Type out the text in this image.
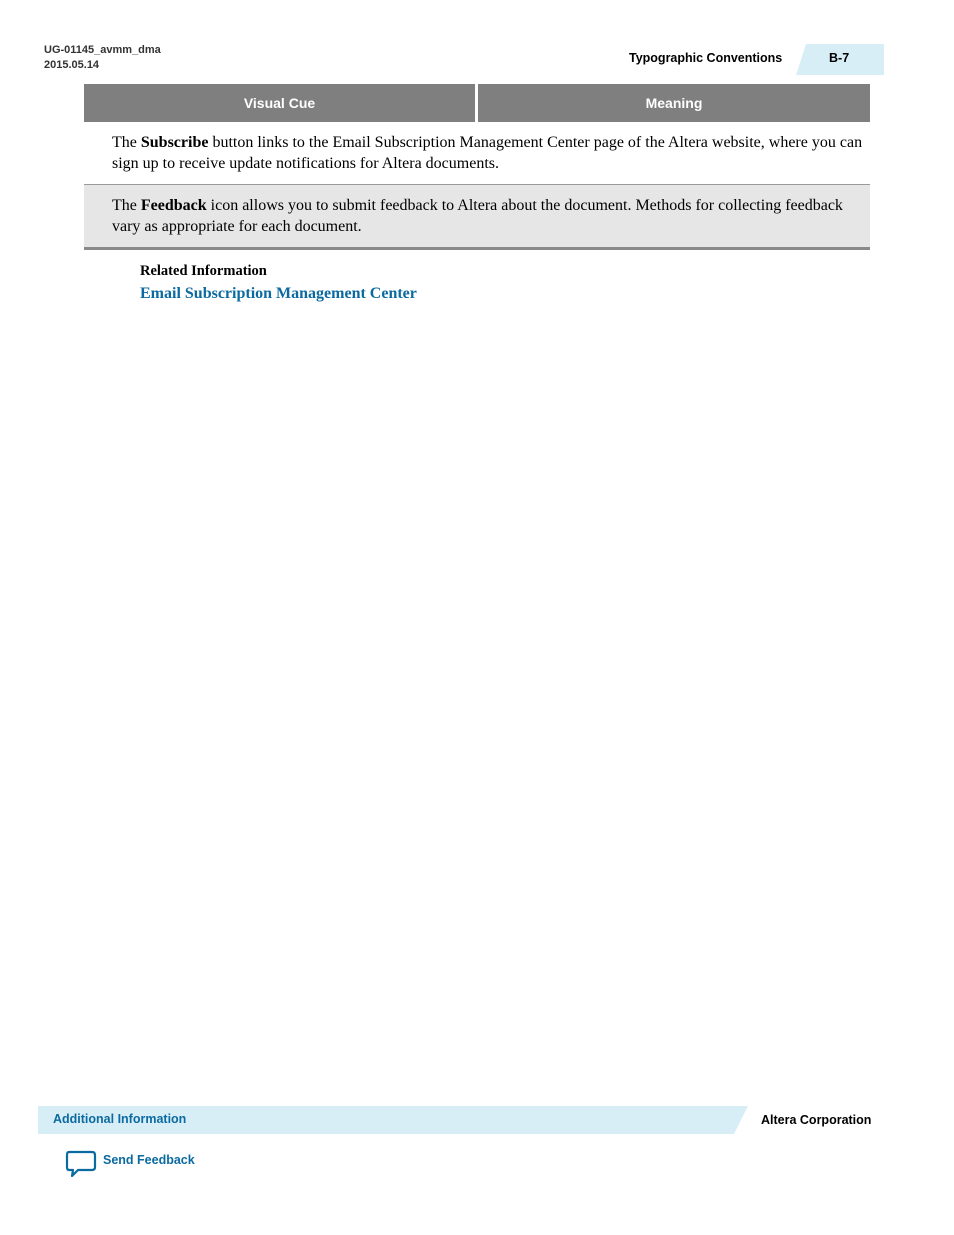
UG-01145_avmm_dma
2015.05.14	Typographic Conventions	B-7
Visual Cue	Meaning
The Subscribe button links to the Email Subscription Management Center page of the Altera website, where you can sign up to receive update notifications for Altera documents.
The Feedback icon allows you to submit feedback to Altera about the document. Methods for collecting feedback vary as appropriate for each document.
Related Information
Email Subscription Management Center
Additional Information	Altera Corporation
Send Feedback
